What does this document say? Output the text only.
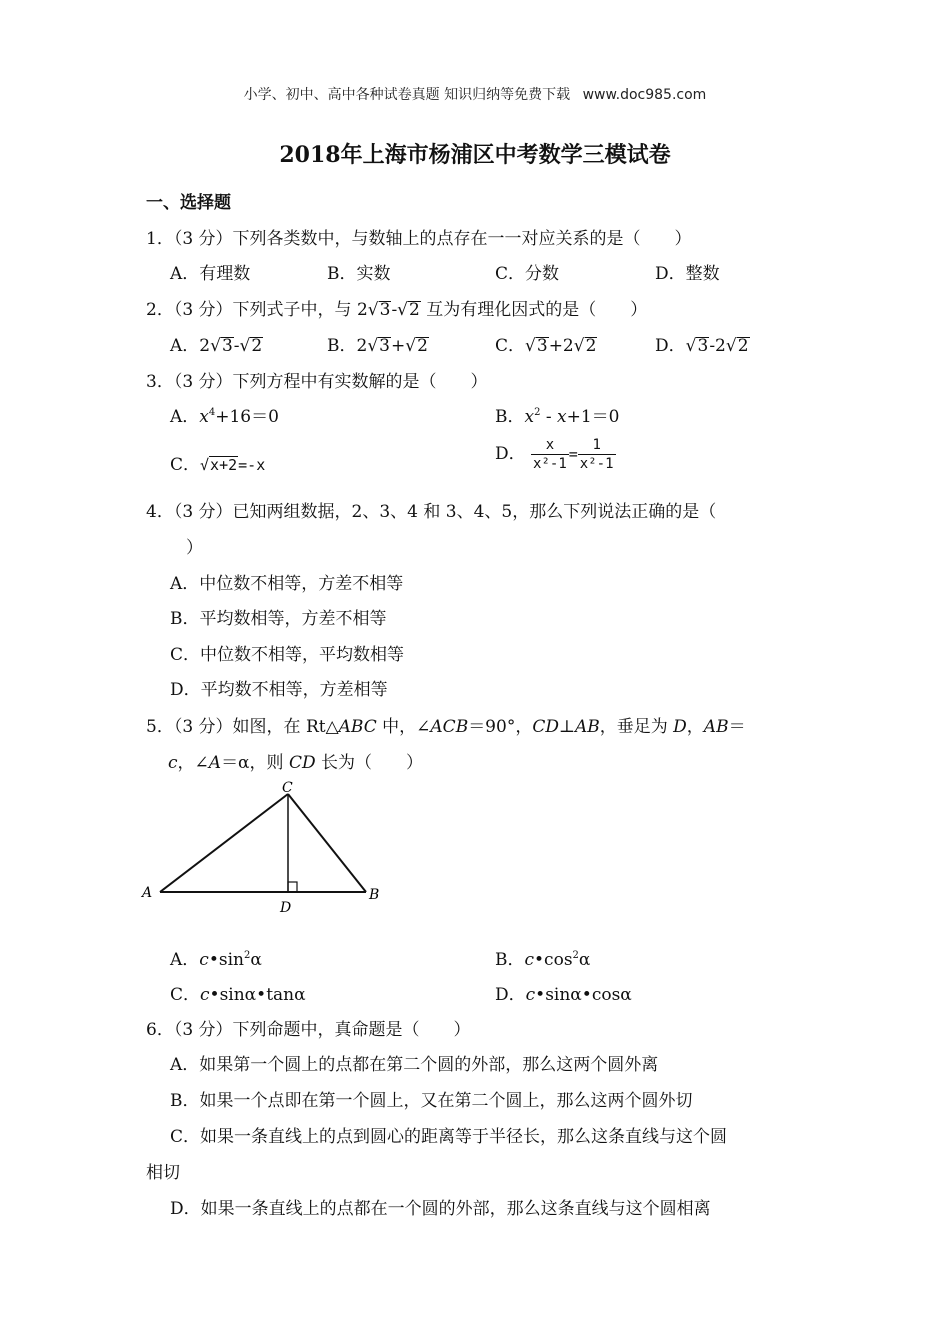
小学、初中、高中各种试卷真题 知识归纳等免费下载 www.doc985.com
2018年上海市杨浦区中考数学三模试卷
一、选择题
1．（3 分）下列各类数中，与数轴上的点存在一一对应关系的是（　　）
A．有理数	B．实数	C．分数	D．整数
2．（3 分）下列式子中，与 2√3-√2 互为有理化因式的是（　　）
A．2√3-√2	B．2√3+√2	C．√3+2√2	D．√3-2√2
3．（3 分）下列方程中有实数解的是（　　）
A．$x^4+16=0$	B．$x^2 - x+1=0$
C．√x+2=-x
D． $\frac{x}{\text{x²-1}} = \frac{1}{\text{x²-1}}$
4．（3 分）已知两组数据，2、3、4 和 3、4、5，那么下列说法正确的是（
）
A．中位数不相等，方差不相等
B．平均数相等，方差不相等
C．中位数不相等，平均数相等
D．平均数不相等，方差相等
5．（3 分）如图，在 Rt△ABC 中，∠ACB＝90°，CD⊥AB，垂足为 D，AB＝
c，∠A＝α，则 CD 长为（　　）
A	B
C
D
A．$c•\sin^2\alpha$	B．$c•\cos^2\alpha$
C．c•sinα•tanα	D．c•sinα•cosα
6．（3 分）下列命题中，真命题是（　　）
A．如果第一个圆上的点都在第二个圆的外部，那么这两个圆外离
B．如果一个点即在第一个圆上，又在第二个圆上，那么这两个圆外切
C．如果一条直线上的点到圆心的距离等于半径长，那么这条直线与这个圆
相切
D．如果一条直线上的点都在一个圆的外部，那么这条直线与这个圆相离
